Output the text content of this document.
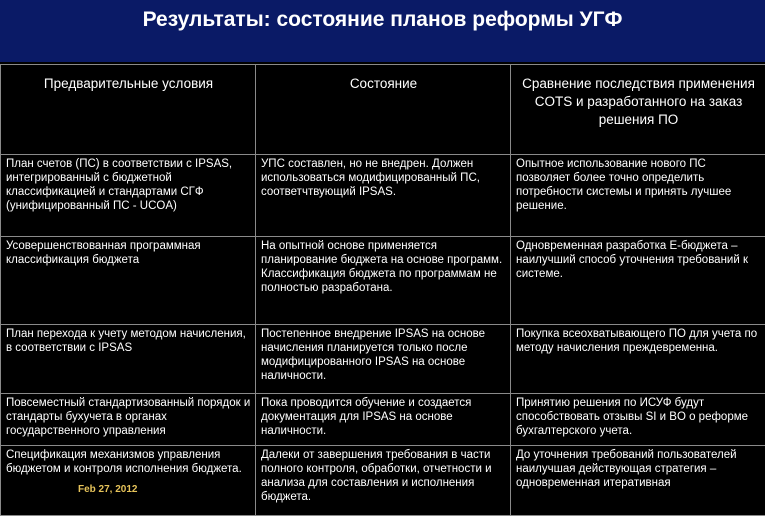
Результаты: состояние планов реформы УГФ
Предварительные условия	Состояние	Сравнение последствия применения COTS и разработанного на заказ решения ПО
План счетов (ПС) в соответствии с IPSAS, интегрированный с бюджетной классификацией и стандартами СГФ (унифицированный ПС - UCOA)	УПС составлен, но не внедрен. Должен использоваться модифицированный ПС, соответчтвующий IPSAS.	Опытное использование нового ПС позволяет более точно определить потребности системы и принять лучшее решение.
Усовершенствованная программная классификация бюджета	На опытной основе применяется планирование бюджета на основе программ. Классификация бюджета по программам не полностью разработана.	Одновременная разработка Е-бюджета – наилучший способ уточнения требований к системе.
План перехода к учету методом начисления, в соответствии с IPSAS	Постепенное внедрение IPSAS на основе начисления планируется только после модифицированного IPSAS на основе наличности.	Покупка всеохватывающего ПО для учета по методу начисления преждевременна.
Повсеместный стандартизованный порядок и стандарты бухучета в органах государственного управления	Пока проводится обучение и создается документация для IPSAS на основе наличности.	Принятию решения по ИСУФ будут способствовать отзывы SI и BO о реформе бухгалтерского учета.
Спецификация механизмов управления бюджетом и контроля исполнения бюджета.	Далеки от завершения требования в части полного контроля, обработки, отчетности и анализа для составления и исполнения бюджета.	До уточнения требований пользователей наилучшая действующая стратегия – одновременная итеративная
Feb 27, 2012
